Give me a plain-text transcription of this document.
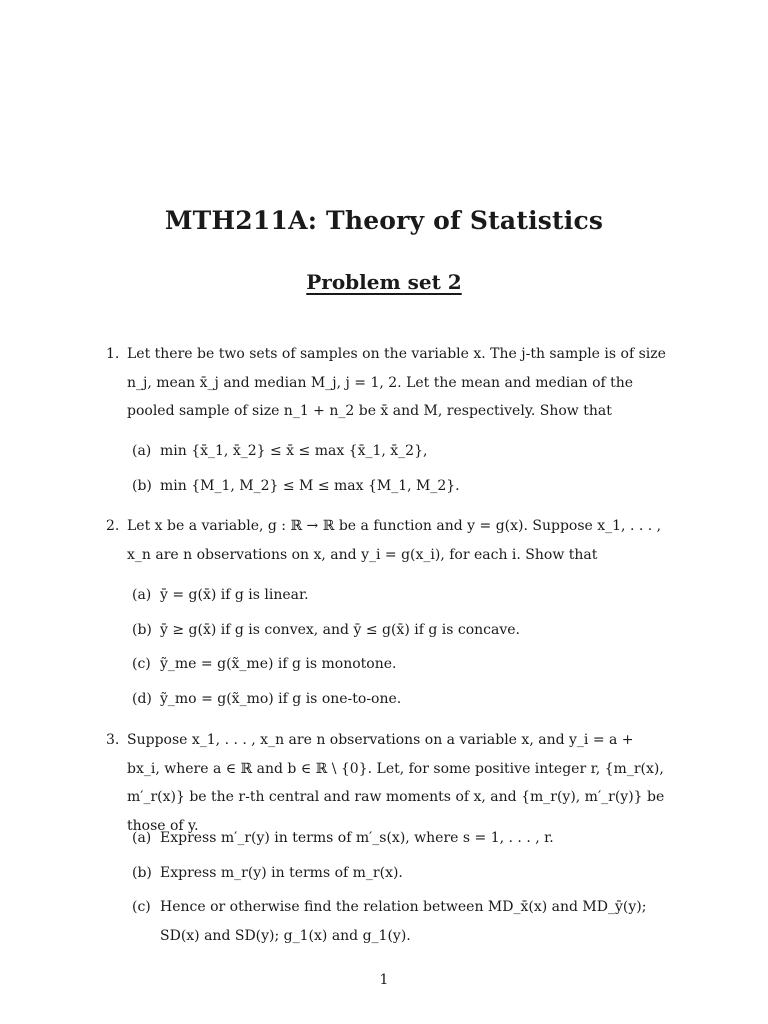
MTH211A: Theory of Statistics
Problem set 2
1. Let there be two sets of samples on the variable x. The j-th sample is of size n_j, mean x̄_j and median M_j, j = 1, 2. Let the mean and median of the pooled sample of size n_1 + n_2 be x̄ and M, respectively. Show that
(a) min {x̄_1, x̄_2} ≤ x̄ ≤ max {x̄_1, x̄_2},
(b) min {M_1, M_2} ≤ M ≤ max {M_1, M_2}.
2. Let x be a variable, g : ℝ → ℝ be a function and y = g(x). Suppose x_1, . . . , x_n are n observations on x, and y_i = g(x_i), for each i. Show that
(a) ȳ = g(x̄) if g is linear.
(b) ȳ ≥ g(x̄) if g is convex, and ȳ ≤ g(x̄) if g is concave.
(c) ỹ_me = g(x̃_me) if g is monotone.
(d) ỹ_mo = g(x̃_mo) if g is one-to-one.
3. Suppose x_1, . . . , x_n are n observations on a variable x, and y_i = a + bx_i, where a ∈ ℝ and b ∈ ℝ \ {0}. Let, for some positive integer r, {m_r(x), m′_r(x)} be the r-th central and raw moments of x, and {m_r(y), m′_r(y)} be those of y.
(a) Express m′_r(y) in terms of m′_s(x), where s = 1, . . . , r.
(b) Express m_r(y) in terms of m_r(x).
(c) Hence or otherwise find the relation between MD_x̄(x) and MD_ȳ(y); SD(x) and SD(y); g_1(x) and g_1(y).
1
